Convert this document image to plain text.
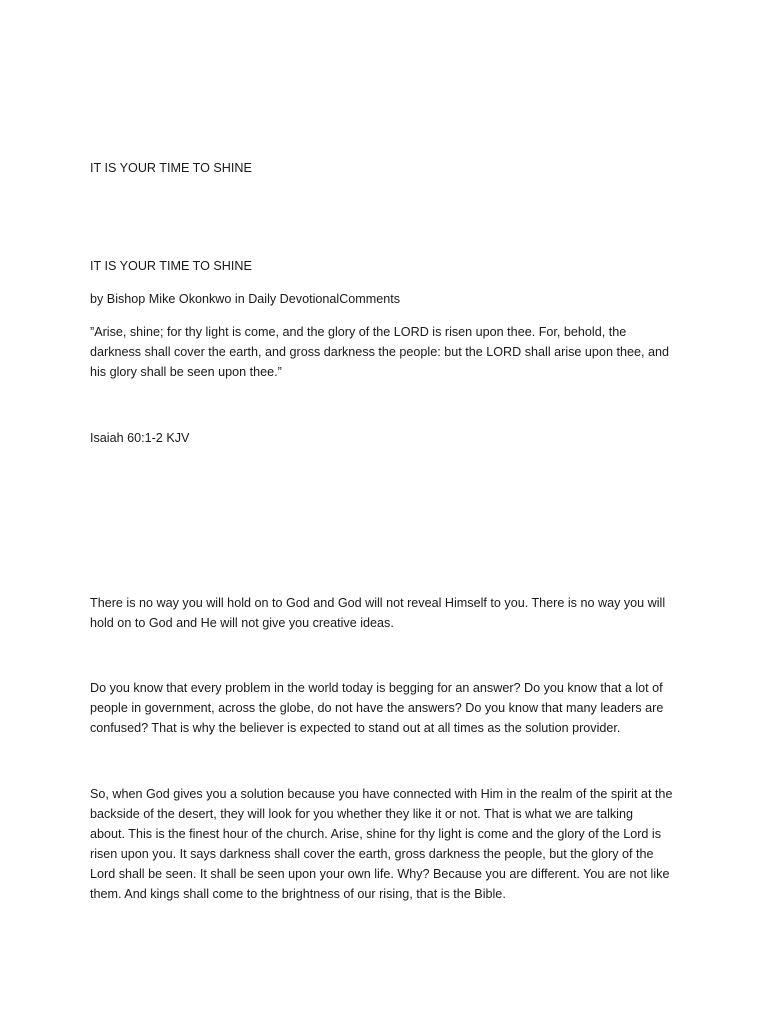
IT IS YOUR TIME TO SHINE

IT IS YOUR TIME TO SHINE

by Bishop Mike Okonkwo in Daily DevotionalComments

”Arise, shine; for thy light is come, and the glory of the LORD is risen upon thee. For, behold, the
darkness shall cover the earth, and gross darkness the people: but the LORD shall arise upon thee, and
his glory shall be seen upon thee.”

Isaiah 60:1-2 KJV

There is no way you will hold on to God and God will not reveal Himself to you. There is no way you will
hold on to God and He will not give you creative ideas.
Do you know that every problem in the world today is begging for an answer? Do you know that a lot of
people in government, across the globe, do not have the answers? Do you know that many leaders are
confused? That is why the believer is expected to stand out at all times as the solution provider.
So, when God gives you a solution because you have connected with Him in the realm of the spirit at the
backside of the desert, they will look for you whether they like it or not. That is what we are talking
about. This is the finest hour of the church. Arise, shine for thy light is come and the glory of the Lord is
risen upon you. It says darkness shall cover the earth, gross darkness the people, but the glory of the
Lord shall be seen. It shall be seen upon your own life. Why? Because you are different. You are not like
them. And kings shall come to the brightness of our rising, that is the Bible.
